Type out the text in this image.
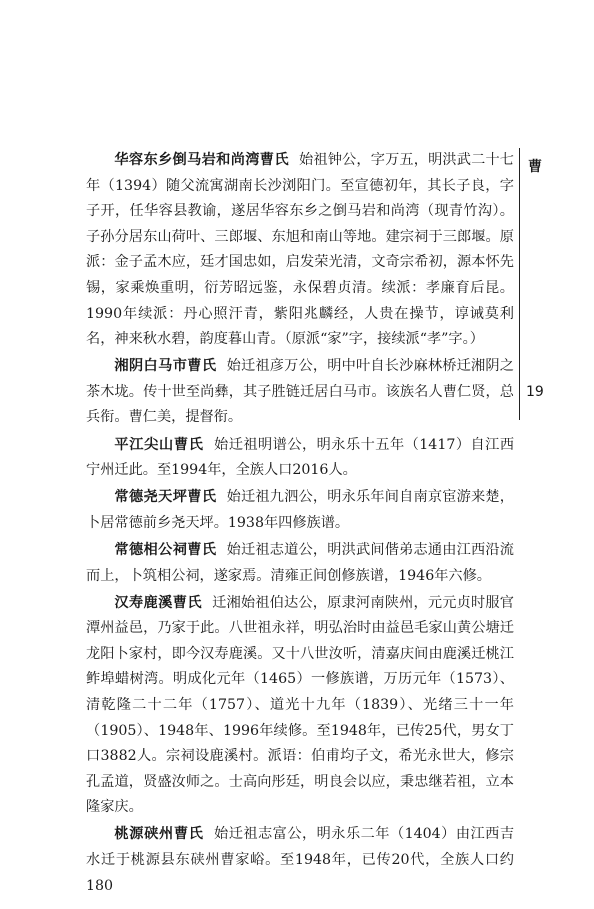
华容东乡倒马岩和尚湾曹氏 始祖钟公，字万五，明洪武二十七年（1394）随父流寓湖南长沙浏阳门。至宣德初年，其长子良，字子开，任华容县教谕，遂居华容东乡之倒马岩和尚湾（现青竹沟）。子孙分居东山荷叶、三郎堰、东旭和南山等地。建宗祠于三郎堰。原派：金子孟木应，廷才国忠如，启发荣光清，文奇宗希初，源本怀先锡，家乘焕重明，衍芳昭远鉴，永保碧贞清。续派：孝廉育后昆。1990年续派：丹心照汗青，紫阳兆麟经，人贵在操节，谆诫莫利名，神来秋水碧，韵度暮山青。（原派“家”字，接续派“孝”字。）

湘阴白马市曹氏 始迁祖彦万公，明中叶自长沙麻林桥迁湘阴之茶木垅。传十世至尚彝，其子胜链迁居白马市。该族名人曹仁贤，总兵衔。曹仁美，提督衔。

平江尖山曹氏 始迁祖明谱公，明永乐十五年（1417）自江西宁州迁此。至1994年，全族人口2016人。

常德尧天坪曹氏 始迁祖九泗公，明永乐年间自南京宦游来楚，卜居常德前乡尧天坪。1938年四修族谱。

常德相公祠曹氏 始迁祖志道公，明洪武间偕弟志通由江西沿流而上，卜筑相公祠，遂家焉。清雍正间创修族谱，1946年六修。

汉寿鹿溪曹氏 迁湘始祖伯达公，原隶河南陕州，元元贞时服官潭州益邑，乃家于此。八世祖永祥，明弘治时由益邑毛家山黄公塘迁龙阳卜家村，即今汉寿鹿溪。又十八世汝听，清嘉庆间由鹿溪迁桃江鲊埠蜡树湾。明成化元年（1465）一修族谱，万历元年（1573）、清乾隆二十二年（1757）、道光十九年（1839）、光绪三十一年（1905）、1948年、1996年续修。至1948年，已传25代，男女丁口3882人。宗祠设鹿溪村。派语：伯甫均子文，希光永世大，修宗孔孟道，贤盛汝师之。士高向彤廷，明良会以应，秉忠继若祖，立本隆家庆。

桃源硖州曹氏 始迁祖志富公，明永乐二年（1404）由江西吉水迁于桃源县东硖州曹家峪。至1948年，已传20代，全族人口约180

曹
19
